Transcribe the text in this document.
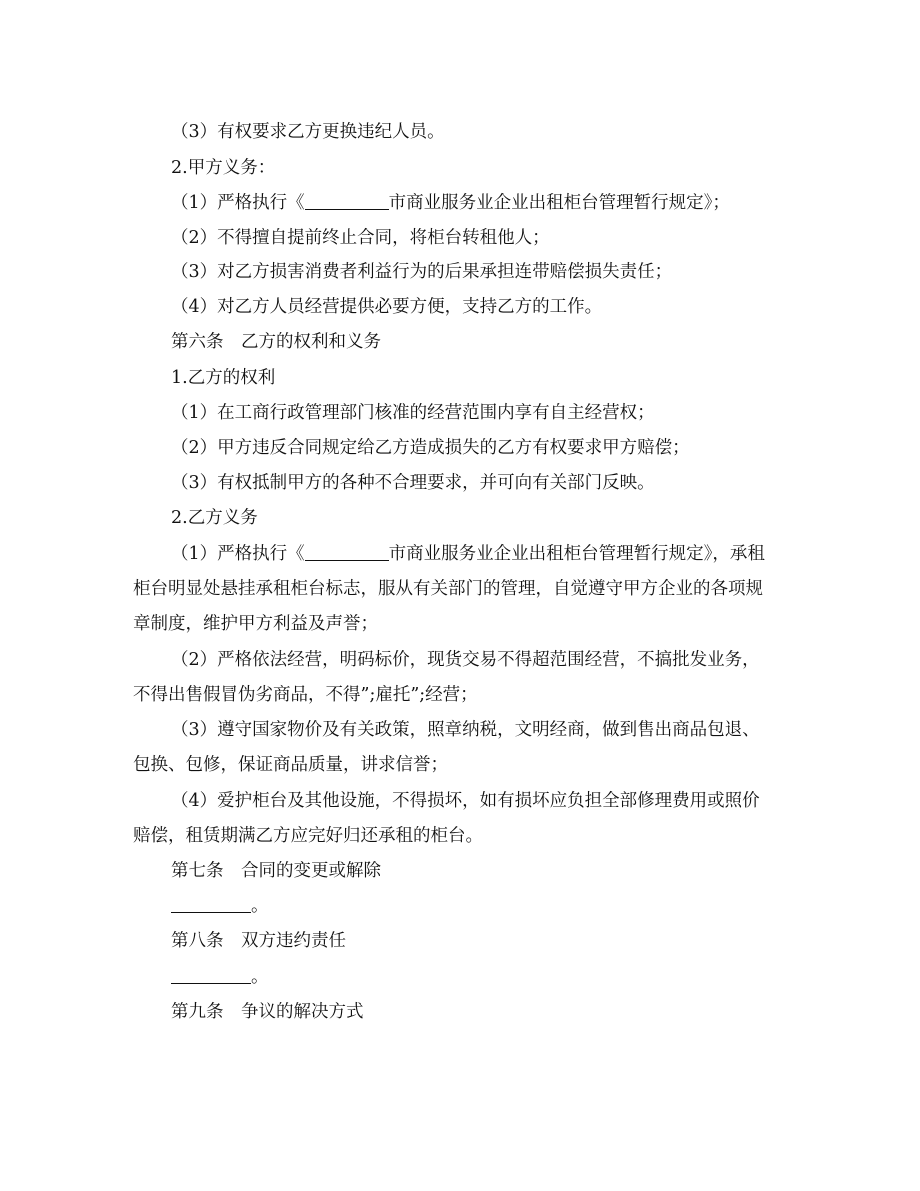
（3）有权要求乙方更换违纪人员。
2.甲方义务：
（1）严格执行《	市商业服务业企业出租柜台管理暂行规定》；
（2）不得擅自提前终止合同，将柜台转租他人；
（3）对乙方损害消费者利益行为的后果承担连带赔偿损失责任；
（4）对乙方人员经营提供必要方便，支持乙方的工作。
第六条　乙方的权利和义务
1.乙方的权利
（1）在工商行政管理部门核准的经营范围内享有自主经营权；
（2）甲方违反合同规定给乙方造成损失的乙方有权要求甲方赔偿；
（3）有权抵制甲方的各种不合理要求，并可向有关部门反映。
2.乙方义务
（1）严格执行《	市商业服务业企业出租柜台管理暂行规定》，承租
柜台明显处悬挂承租柜台标志，服从有关部门的管理，自觉遵守甲方企业的各项规
章制度，维护甲方利益及声誉；
（2）严格依法经营，明码标价，现货交易不得超范围经营，不搞批发业务，
不得出售假冒伪劣商品，不得”;雇托”;经营；
（3）遵守国家物价及有关政策，照章纳税，文明经商，做到售出商品包退、
包换、包修，保证商品质量，讲求信誉；
（4）爱护柜台及其他设施，不得损坏，如有损坏应负担全部修理费用或照价
赔偿，租赁期满乙方应完好归还承租的柜台。
第七条　合同的变更或解除
。
第八条　双方违约责任
。
第九条　争议的解决方式
